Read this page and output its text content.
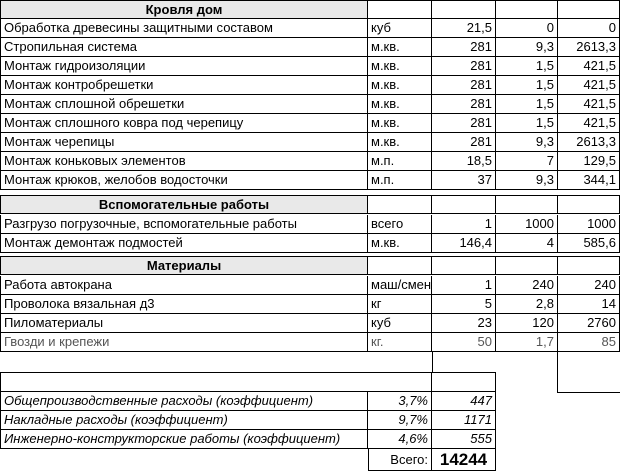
Кровля дом
Обработка древесины защитными составом	куб	21,5	0	0
Стропильная система	м.кв.	281	9,3	2613,3
Монтаж гидроизоляции	м.кв.	281	1,5	421,5
Монтаж контробрешетки	м.кв.	281	1,5	421,5
Монтаж сплошной обрешетки	м.кв.	281	1,5	421,5
Монтаж сплошного ковра под черепицу	м.кв.	281	1,5	421,5
Монтаж черепицы	м.кв.	281	9,3	2613,3
Монтаж коньковых элементов	м.п.	18,5	7	129,5
Монтаж крюков, желобов водосточки	м.п.	37	9,3	344,1
Вспомогательные работы
Разгрузо погрузочные, вспомогательные работы	всего	1	1000	1000
Монтаж демонтаж подмостей	м.кв.	146,4	4	585,6
Материалы
Работа автокрана	маш/смен	1	240	240
Проволока вязальная д3	кг	5	2,8	14
Пиломатериалы	куб	23	120	2760
Гвозди и крепежи	кг.	50	1,7	85
Общепроизводственные расходы (коэффициент)	3,7%	447
Накладные расходы (коэффициент)	9,7%	1171
Инженерно-конструкторские работы (коэффициент)	4,6%	555
Всего: 14244
